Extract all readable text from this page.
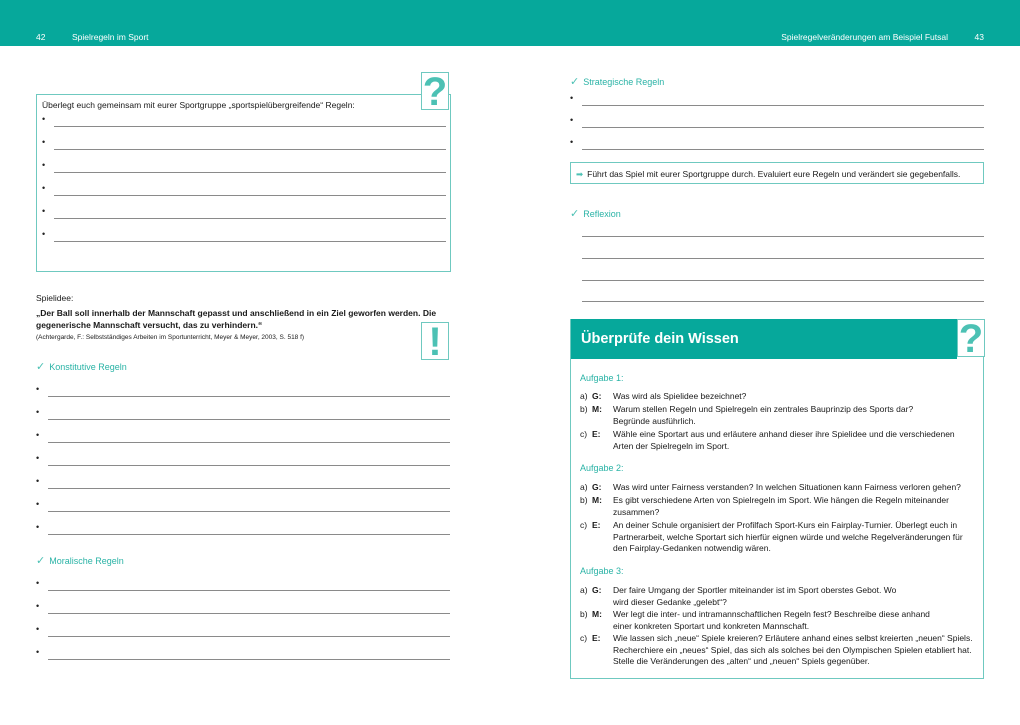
42	Spielregeln im Sport	Spielregelveränderungen am Beispiel Futsal	43
Überlegt euch gemeinsam mit eurer Sportgruppe „sportspielübergreifende“ Regeln:
•
•
•
•
•
•
?
Spielidee:
„Der Ball soll innerhalb der Mannschaft gepasst und anschließend in ein Ziel geworfen werden. Die gegenerische Mannschaft versucht, das zu verhindern.“
(Achtergarde, F.: Selbstständiges Arbeiten im Sportunterricht, Meyer & Meyer, 2003, S. 518 f)	!
✓ Konstitutive Regeln
•
•
•
•
•
•
•
✓ Moralische Regeln
•
•
•
•
✓ Strategische Regeln
•
•
•
➡ Führt das Spiel mit eurer Sportgruppe durch. Evaluiert eure Regeln und verändert sie gegebenfalls.
✓ Reflexion
Überprüfe dein Wissen	?
Aufgabe 1:
a) G: Was wird als Spielidee bezeichnet?
b) M: Warum stellen Regeln und Spielregeln ein zentrales Bauprinzip des Sports dar? Begründe ausführlich.
c) E: Wähle eine Sportart aus und erläutere anhand dieser ihre Spielidee und die verschiedenen Arten der Spielregeln im Sport.
Aufgabe 2:
a) G: Was wird unter Fairness verstanden? In welchen Situationen kann Fairness verloren gehen?
b) M: Es gibt verschiedene Arten von Spielregeln im Sport. Wie hängen die Regeln miteinander zusammen?
c) E: An deiner Schule organisiert der Profilfach Sport-Kurs ein Fairplay-Turnier. Überlegt euch in Partnerarbeit, welche Sportart sich hierfür eignen würde und welche Regelveränderungen für den Fairplay-Gedanken notwendig wären.
Aufgabe 3:
a) G: Der faire Umgang der Sportler miteinander ist im Sport oberstes Gebot. Wo wird dieser Gedanke „gelebt“?
b) M: Wer legt die inter- und intramannschaftlichen Regeln fest? Beschreibe diese anhand einer konkreten Sportart und konkreten Mannschaft.
c) E: Wie lassen sich „neue“ Spiele kreieren? Erläutere anhand eines selbst kreierten „neuen“ Spiels. Recherchiere ein „neues“ Spiel, das sich als solches bei den Olympischen Spielen etabliert hat. Stelle die Veränderungen des „alten“ und „neuen“ Spiels gegenüber.
